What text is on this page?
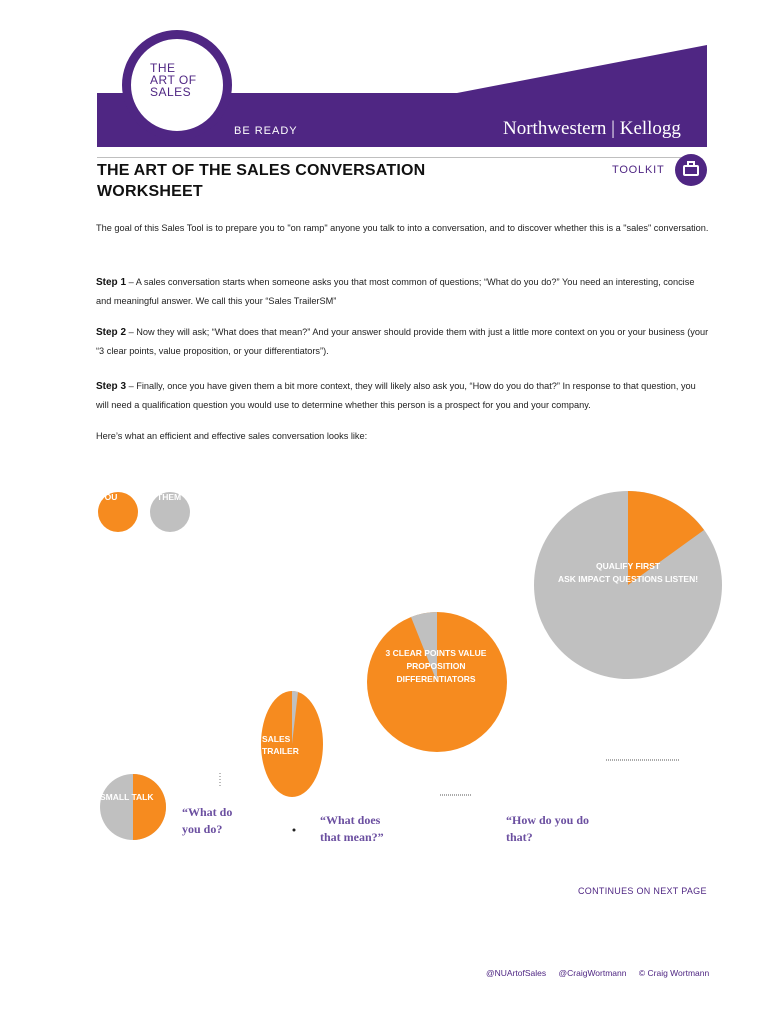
THE
ART OF
SALES
BE READY	Northwestern | Kellogg
THE ART OF THE SALES CONVERSATION WORKSHEET
TOOLKIT
The goal of this Sales Tool is to prepare you to "on ramp" anyone you talk to into a conversation, and to discover whether this is a "sales" conversation.
Step 1 – A sales conversation starts when someone asks you that most common of questions; “What do you do?” You need an interesting, concise and meaningful answer. We call this your “Sales TrailerSM”
Step 2 – Now they will ask; “What does that mean?” And your answer should provide them with just a little more context on you or your business (your “3 clear points, value proposition, or your differentiators”).
Step 3 – Finally, once you have given them a bit more context, they will likely also ask you, “How do you do that?” In response to that question, you will need a qualification question you would use to determine whether this person is a prospect for you and your company.
Here’s what an efficient and effective sales conversation looks like:
YOU	THEM
SMALL TALK
SALES
TRAILER
3 CLEAR POINTS VALUE
PROPOSITION
DIFFERENTIATORS
QUALIFY FIRST
ASK IMPACT QUESTIONS LISTEN!
“What do
you do?
“What does
that mean?”
“How do you do
that?
CONTINUES ON NEXT PAGE
@NUArtofSales @CraigWortmann © Craig Wortmann
